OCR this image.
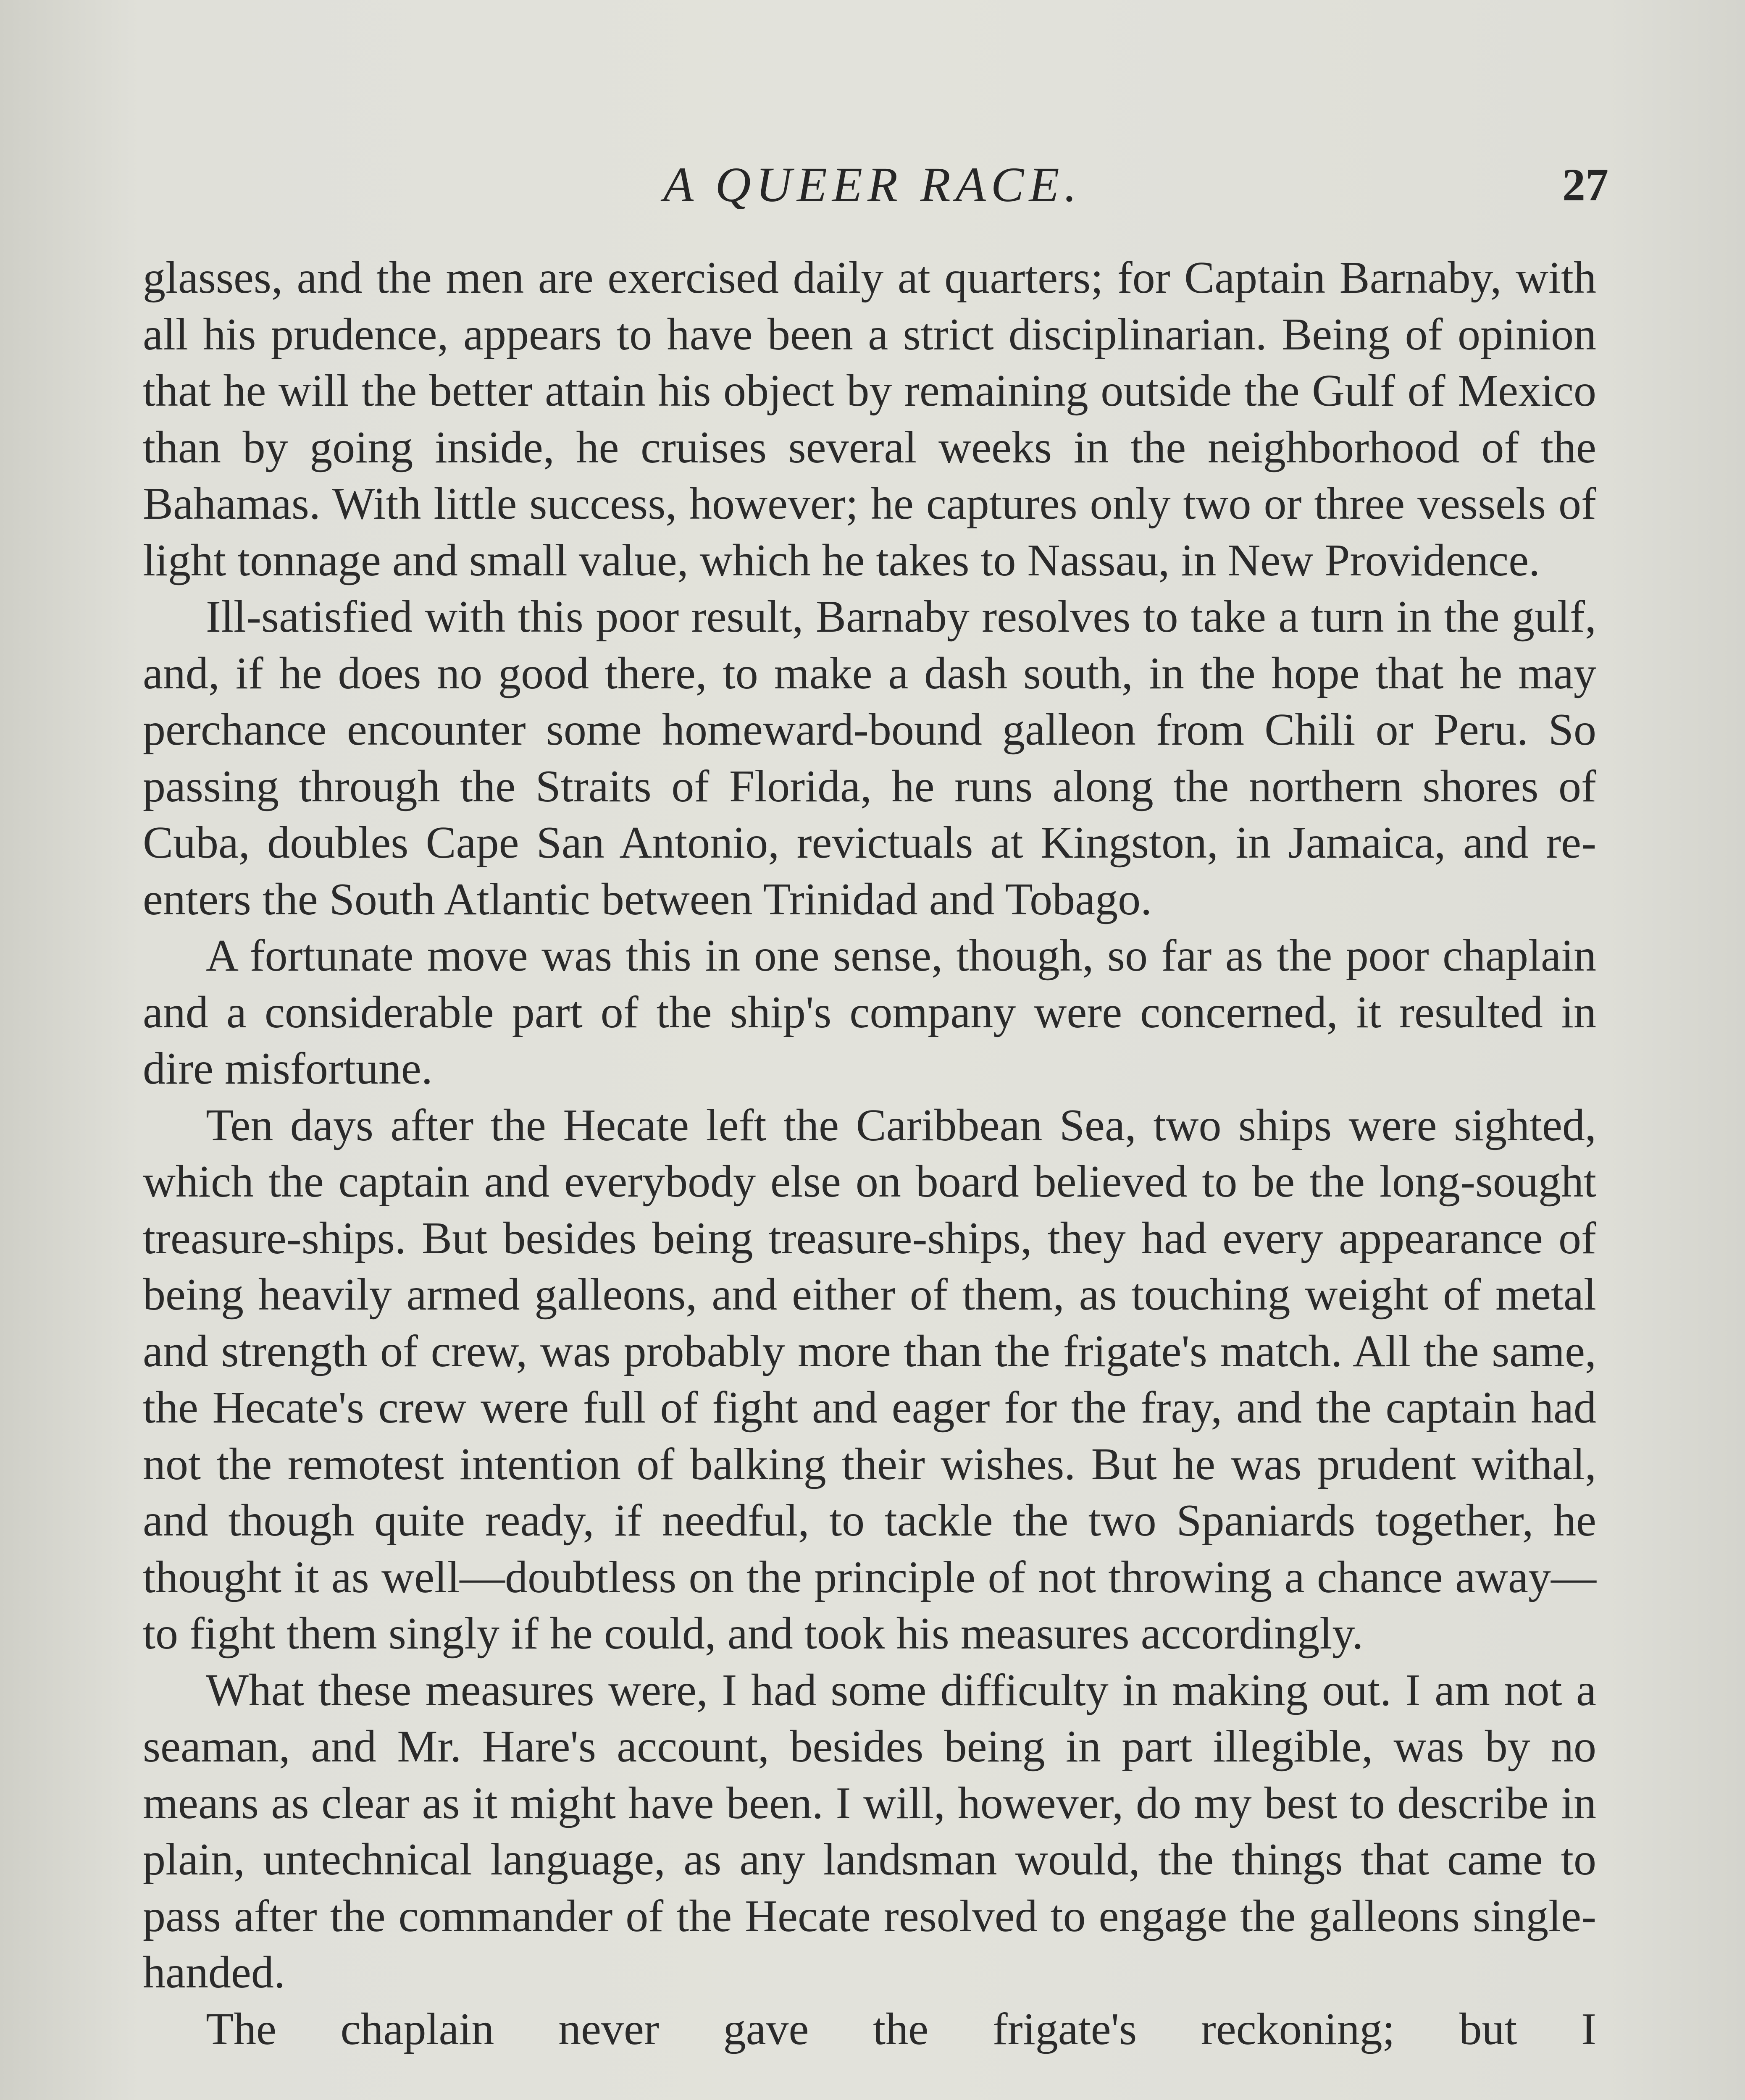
A QUEER RACE.	27

glasses, and the men are exercised daily at quarters; for Captain Barnaby, with all his prudence, appears to have been a strict disciplinarian. Being of opinion that he will the better attain his object by remaining outside the Gulf of Mexico than by going inside, he cruises several weeks in the neighborhood of the Bahamas. With little success, however; he captures only two or three vessels of light tonnage and small value, which he takes to Nassau, in New Providence.

Ill-satisfied with this poor result, Barnaby resolves to take a turn in the gulf, and, if he does no good there, to make a dash south, in the hope that he may perchance encounter some homeward-bound galleon from Chili or Peru. So passing through the Straits of Florida, he runs along the northern shores of Cuba, doubles Cape San Antonio, revictuals at Kingston, in Jamaica, and re-enters the South Atlantic between Trinidad and Tobago.

A fortunate move was this in one sense, though, so far as the poor chaplain and a considerable part of the ship's company were concerned, it resulted in dire misfortune.

Ten days after the Hecate left the Caribbean Sea, two ships were sighted, which the captain and everybody else on board believed to be the long-sought treasure-ships. But besides being treasure-ships, they had every appearance of being heavily armed galleons, and either of them, as touching weight of metal and strength of crew, was probably more than the frigate's match. All the same, the Hecate's crew were full of fight and eager for the fray, and the captain had not the remotest intention of balking their wishes. But he was prudent withal, and though quite ready, if needful, to tackle the two Spaniards together, he thought it as well—doubtless on the principle of not throwing a chance away—to fight them singly if he could, and took his measures accordingly.

What these measures were, I had some difficulty in making out. I am not a seaman, and Mr. Hare's account, besides being in part illegible, was by no means as clear as it might have been. I will, however, do my best to describe in plain, untechnical language, as any landsman would, the things that came to pass after the commander of the Hecate resolved to engage the galleons single-handed.

The chaplain never gave the frigate's reckoning; but I
